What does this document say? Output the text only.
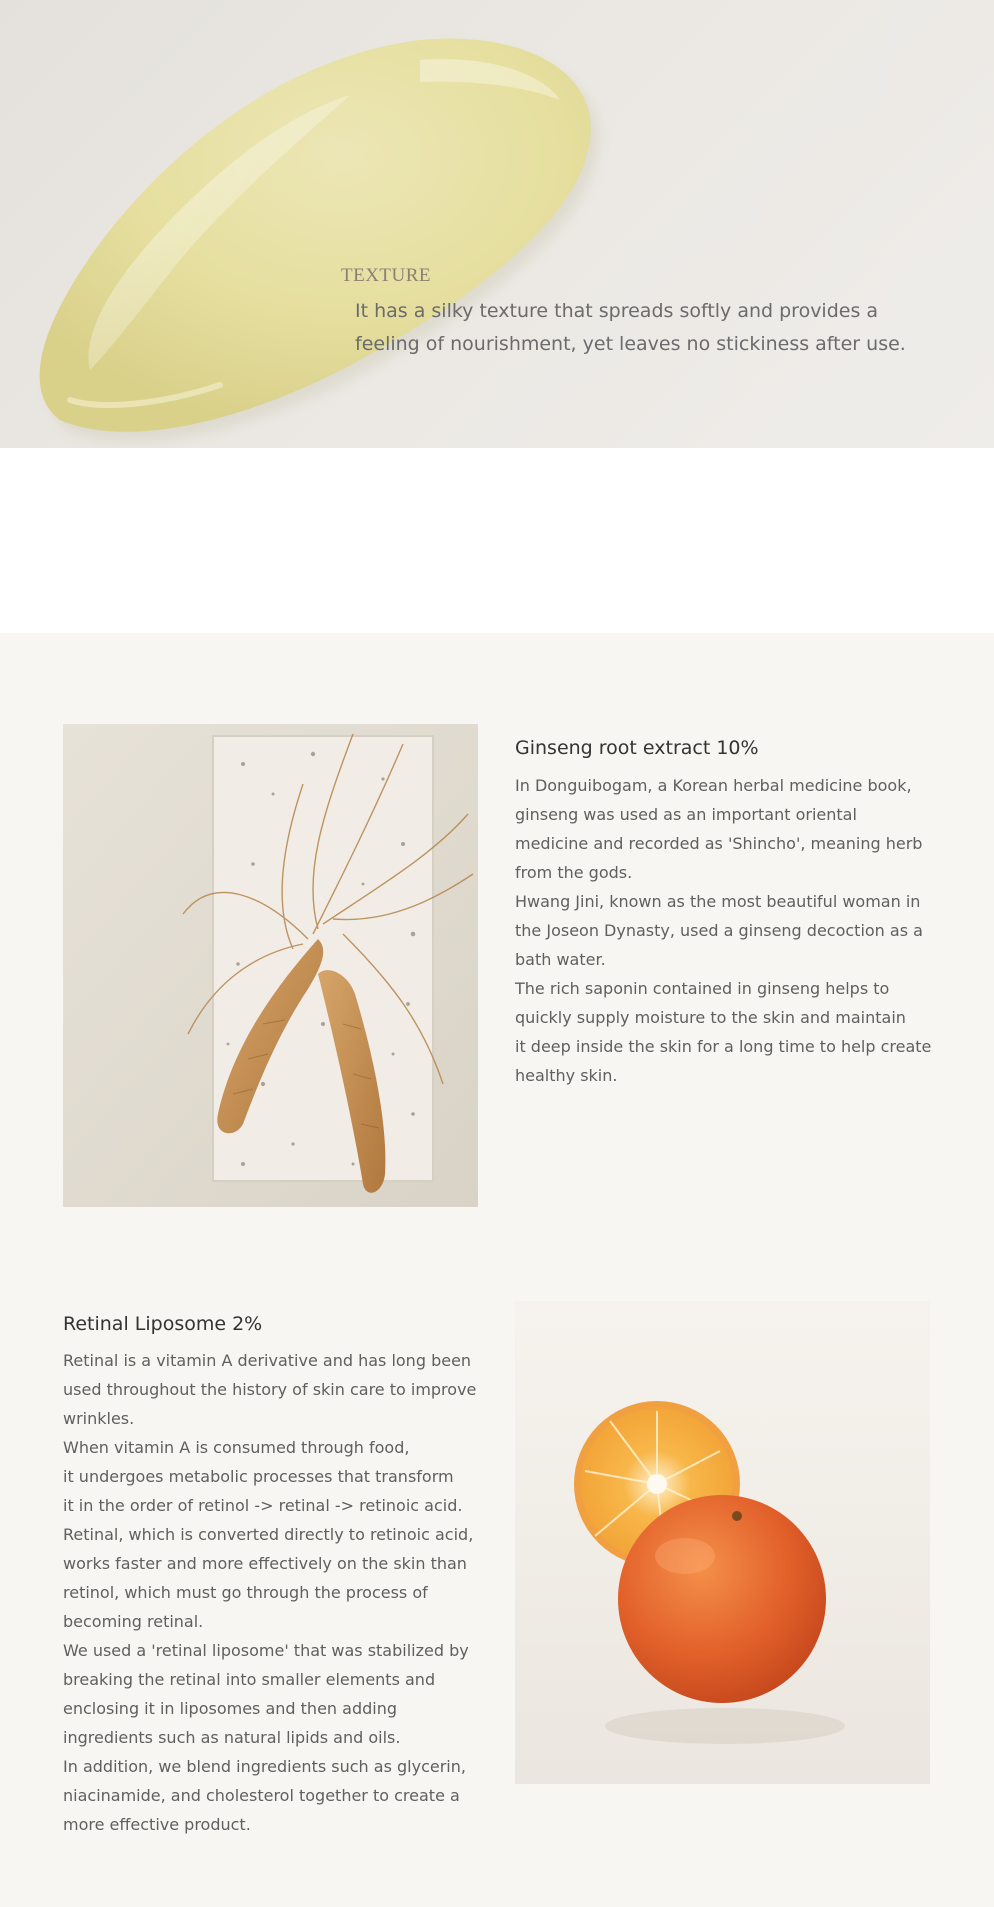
TEXTURE

It has a silky texture that spreads softly and provides a feeling of nourishment, yet leaves no stickiness after use.

Ginseng root extract 10%

In Donguibogam, a Korean herbal medicine book, ginseng was used as an important oriental medicine and recorded as 'Shincho', meaning herb from the gods.
Hwang Jini, known as the most beautiful woman in the Joseon Dynasty, used a ginseng decoction as a bath water.
The rich saponin contained in ginseng helps to quickly supply moisture to the skin and maintain
it deep inside the skin for a long time to help create healthy skin.

Retinal Liposome 2%

Retinal is a vitamin A derivative and has long been used throughout the history of skin care to improve wrinkles.
When vitamin A is consumed through food,
it undergoes metabolic processes that transform
it in the order of retinol -> retinal -> retinoic acid.
Retinal, which is converted directly to retinoic acid, works faster and more effectively on the skin than retinol, which must go through the process of becoming retinal.
We used a 'retinal liposome' that was stabilized by breaking the retinal into smaller elements and enclosing it in liposomes and then adding ingredients such as natural lipids and oils.
In addition, we blend ingredients such as glycerin, niacinamide, and cholesterol together to create a more effective product.
